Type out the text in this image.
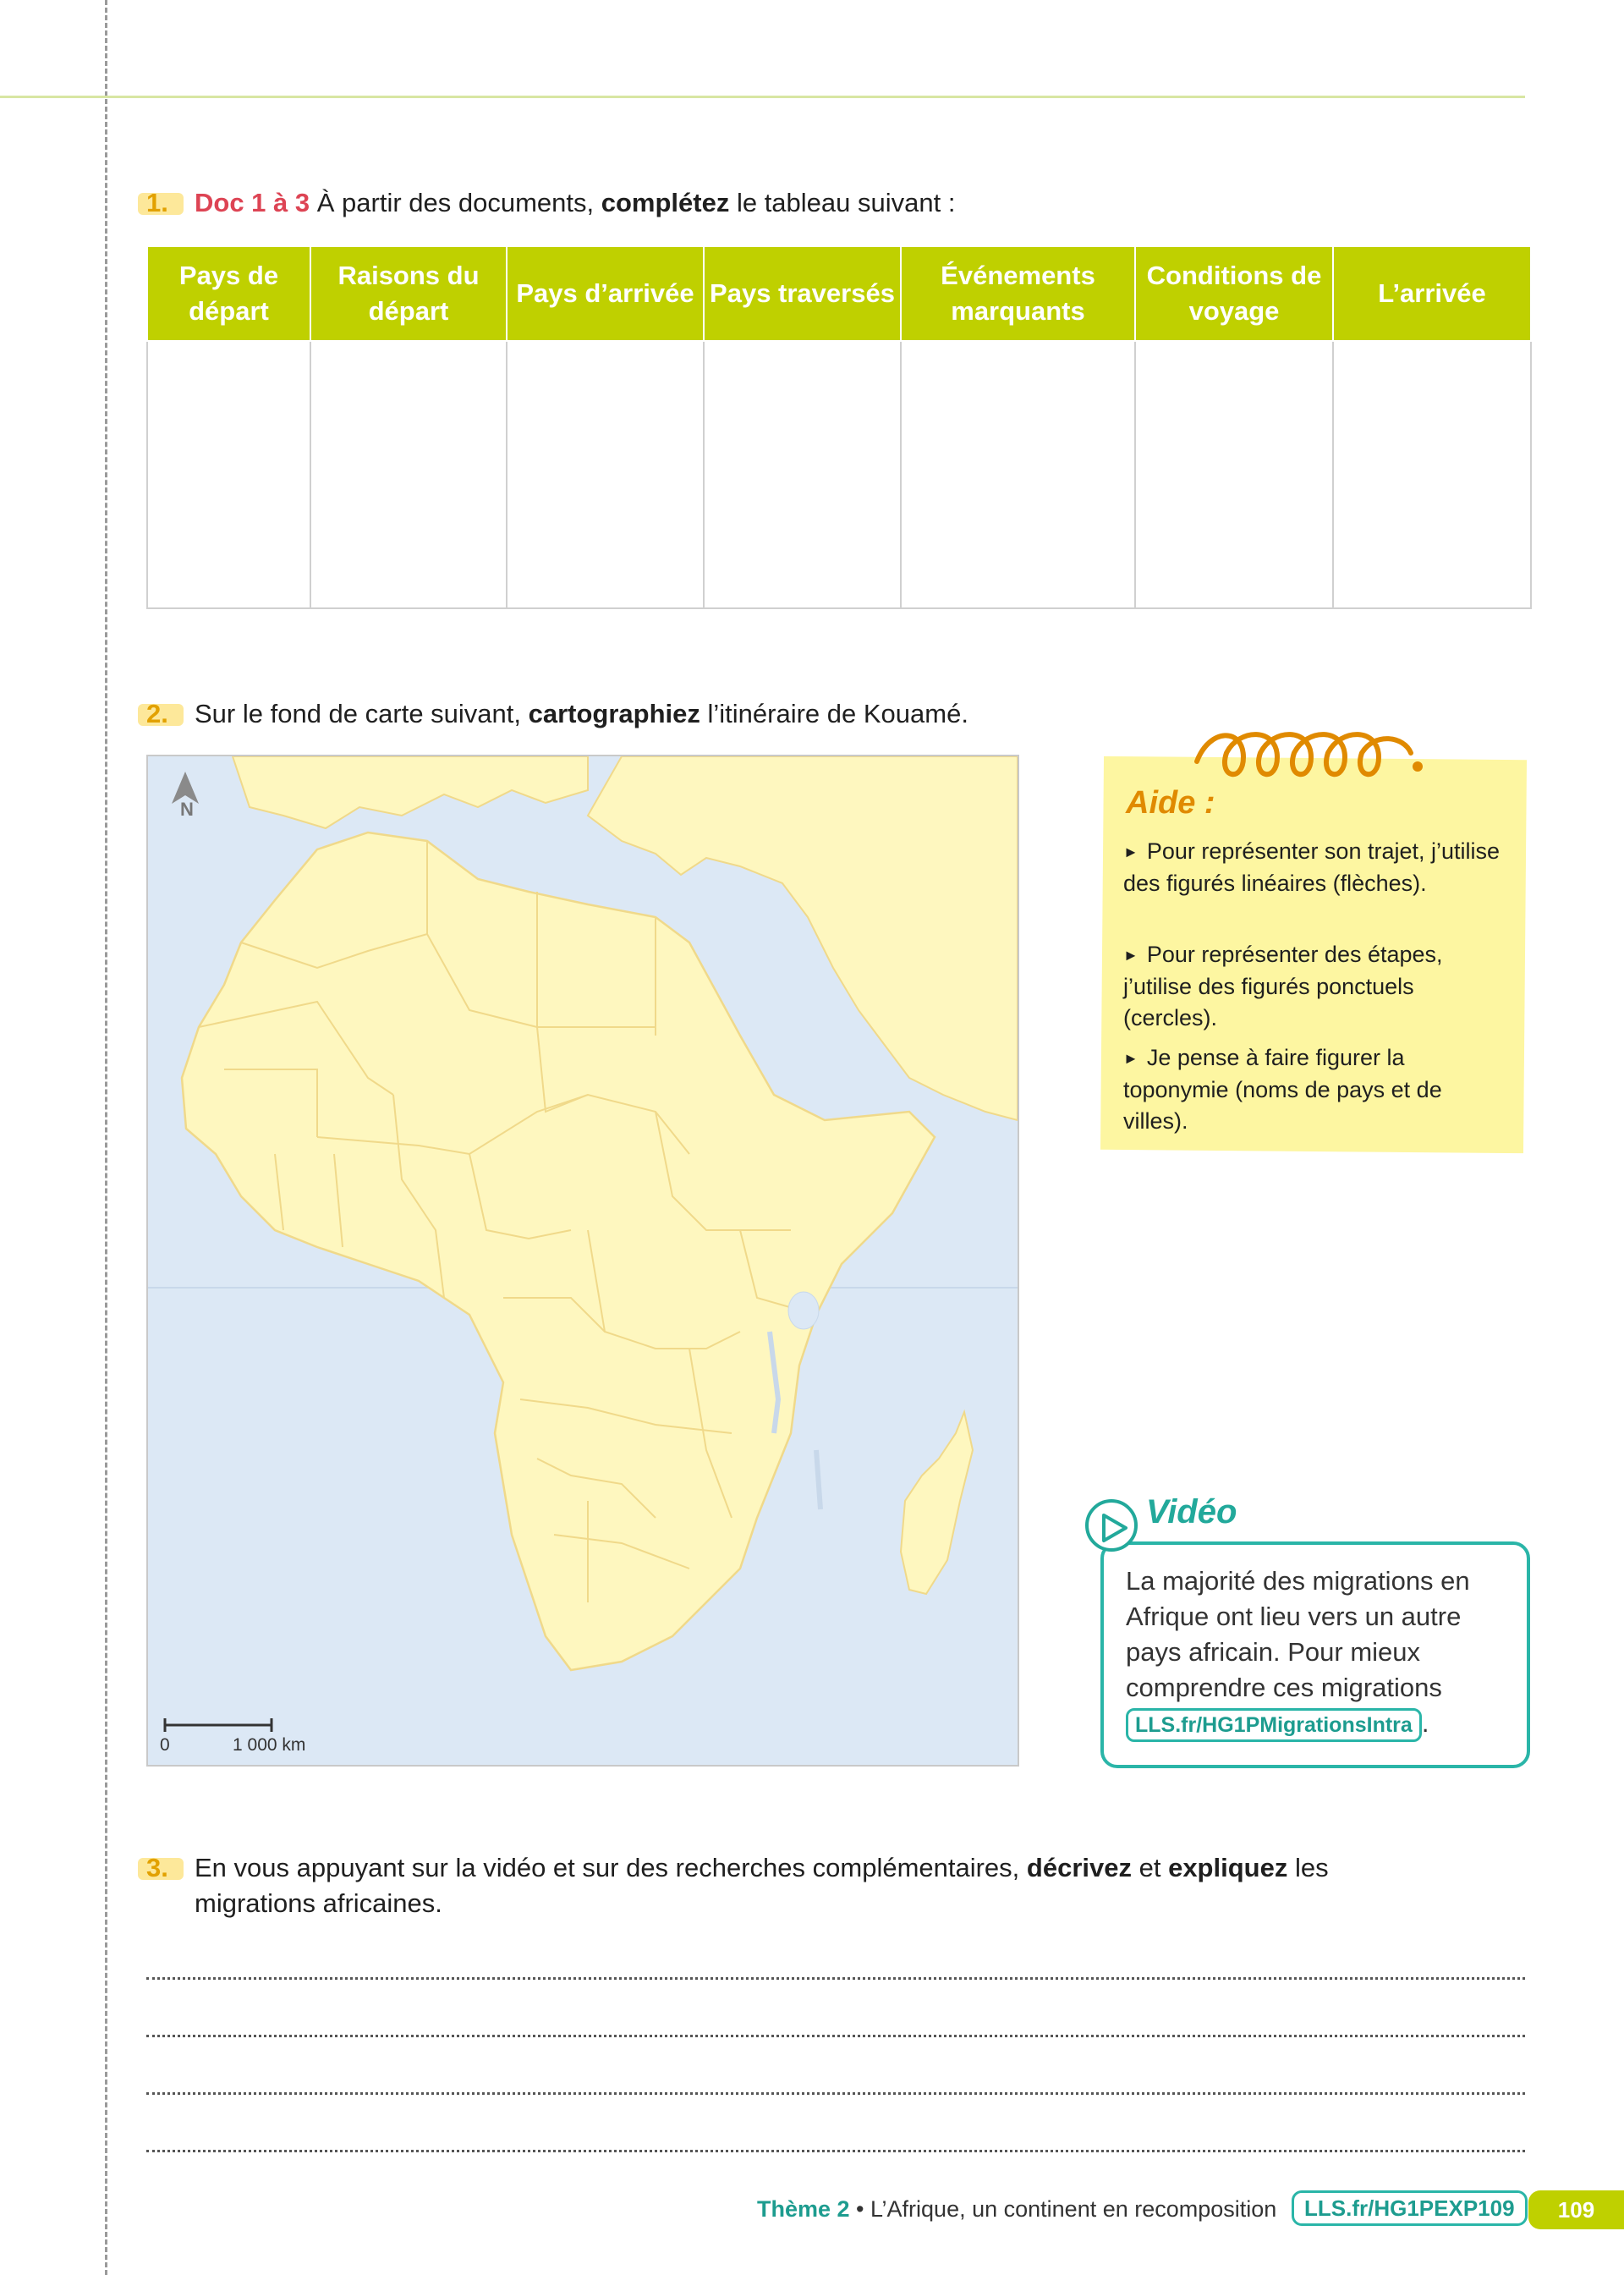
1. Doc 1 à 3 À partir des documents, complétez le tableau suivant :
Pays de départ	Raisons du départ	Pays d’arrivée	Pays traversés	Événements marquants	Conditions de voyage	L’arrivée

2. Sur le fond de carte suivant, cartographiez l’itinéraire de Kouamé.
N
0	1 000 km
Aide :
► Pour représenter son trajet, j’utilise des figurés linéaires (flèches).
► Pour représenter des étapes, j’utilise des figurés ponctuels (cercles).
► Je pense à faire figurer la toponymie (noms de pays et de villes).
Vidéo
La majorité des migrations en Afrique ont lieu vers un autre pays africain. Pour mieux comprendre ces migrations LLS.fr/HG1PMigrationsIntra .
3. En vous appuyant sur la vidéo et sur des recherches complémentaires, décrivez et expliquez les migrations africaines.
Thème 2 • L’Afrique, un continent en recomposition	LLS.fr/HG1PEXP109	109
